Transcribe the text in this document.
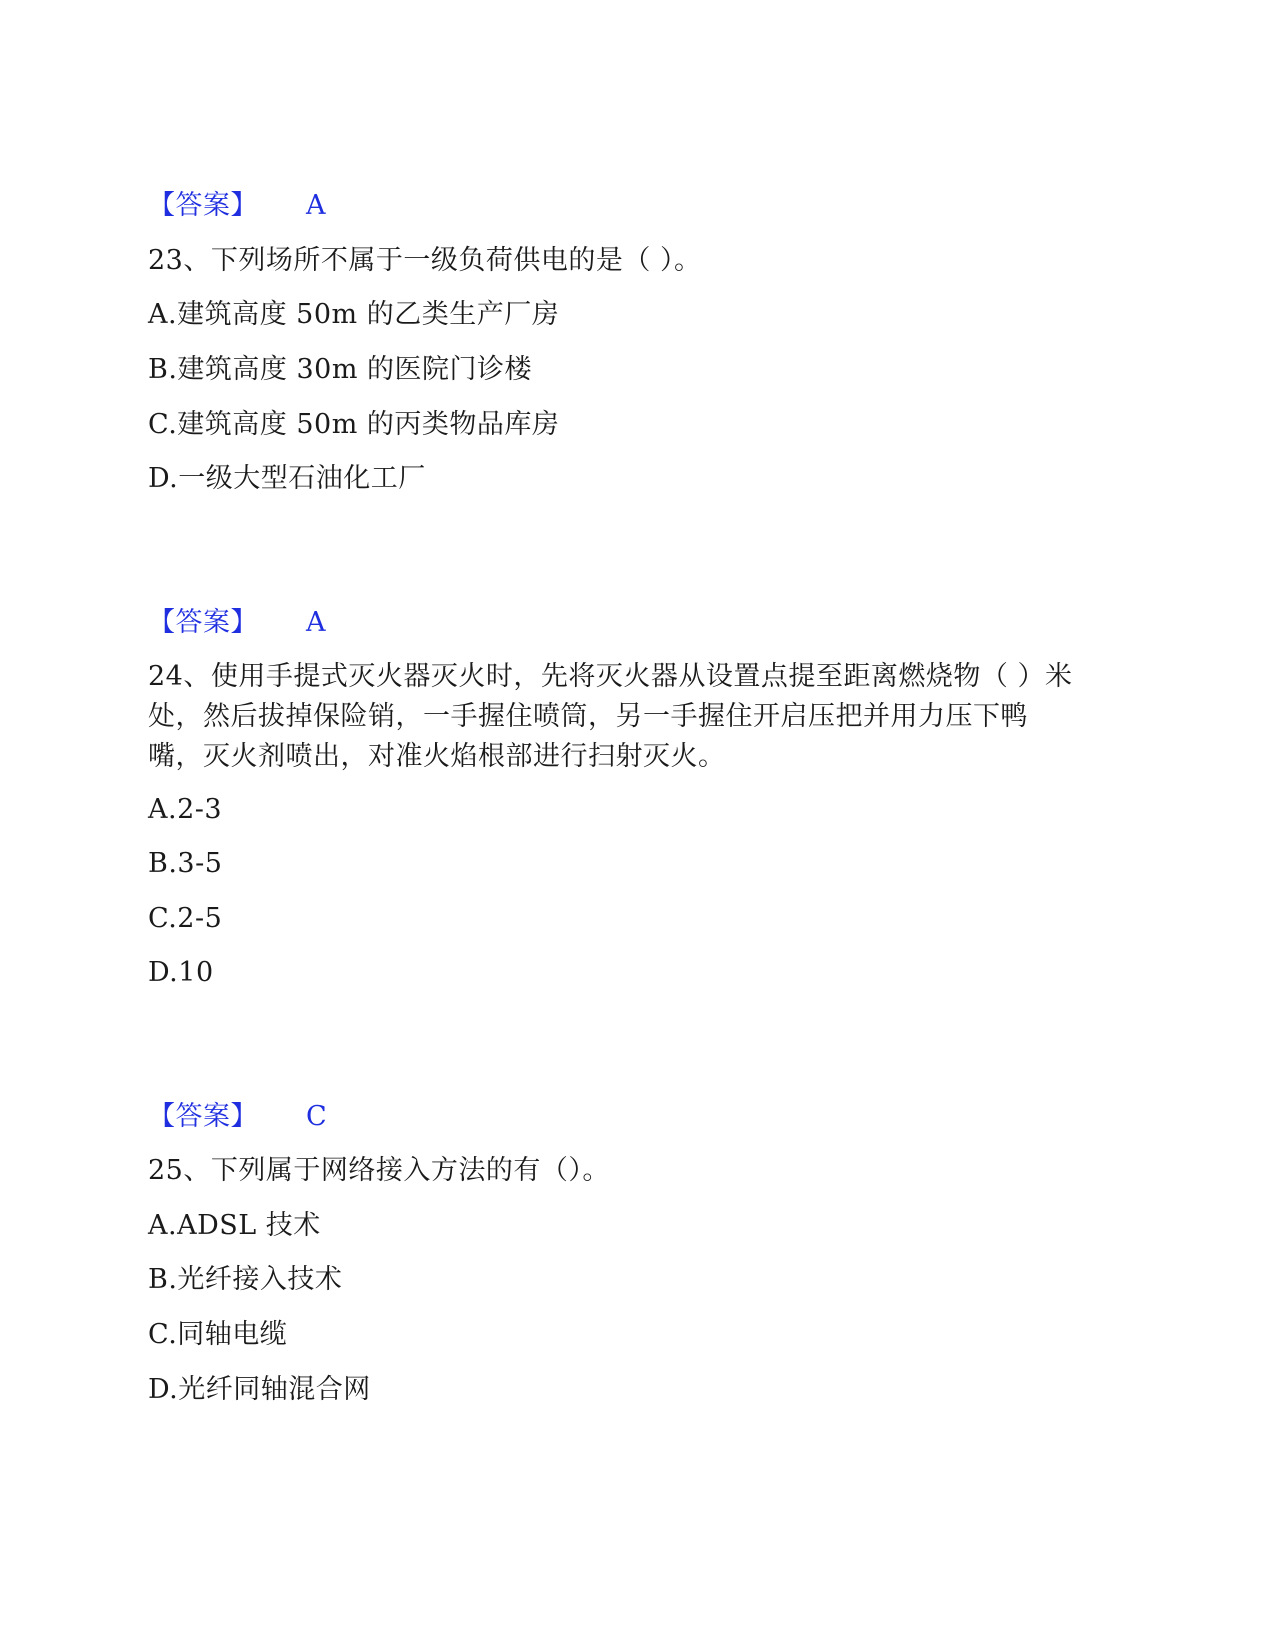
【答案】 A
23、下列场所不属于一级负荷供电的是（ ）。
A.建筑高度 50m 的乙类生产厂房
B.建筑高度 30m 的医院门诊楼
C.建筑高度 50m 的丙类物品库房
D.一级大型石油化工厂
【答案】 A
24、使用手提式灭火器灭火时，先将灭火器从设置点提至距离燃烧物（ ）米处，然后拔掉保险销，一手握住喷筒，另一手握住开启压把并用力压下鸭嘴，灭火剂喷出，对准火焰根部进行扫射灭火。
A.2-3
B.3-5
C.2-5
D.10
【答案】 C
25、下列属于网络接入方法的有（）。
A.ADSL 技术
B.光纤接入技术
C.同轴电缆
D.光纤同轴混合网
